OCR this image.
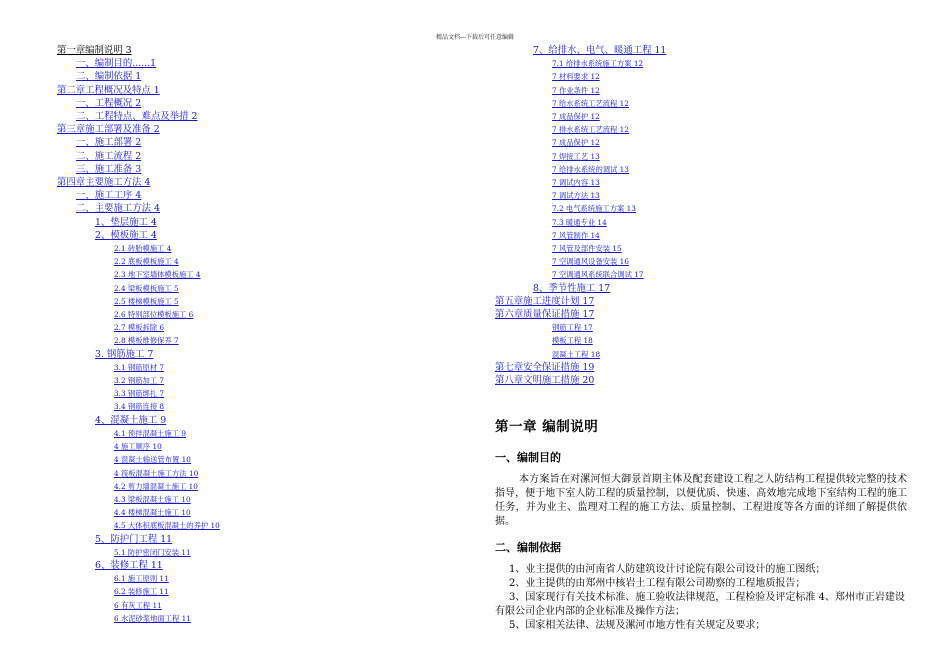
精品文档---下载后可任意编辑
第一章编制说明 3
一、编制目的......1
二、编制依据 1
第二章工程概况及特点 1
一、工程概况 2
二、工程特点、难点及举措 2
第三章施工部署及准备 2
一、施工部署 2
二、施工流程 2
三、施工准备 3
第四章主要施工方法 4
一、施工工序 4
二、主要施工方法 4
1、垫层施工 4
2、模板施工 4
2.1 砖胎模施工 4
2.2 底板模板施工 4
2.3 地下室墙体模板施工 4
2.4 梁板模板施工 5
2.5 楼梯模板施工 5
2.6 特别部位模板施工 6
2.7 模板拆除 6
2.8 模板维修保养 7
3. 钢筋施工 7
3.1 钢筋原材 7
3.2 钢筋加工 7
3.3 钢筋绑扎 7
3.4 钢筋连接 8
4、混凝土施工 9
4.1 预拌混凝土施工 9
4 施工顺序 10
4 混凝土输送管布置 10
4 筏板混凝土施工方法 10
4.2 剪力墙混凝土施工 10
4.3 梁板混凝土施工 10
4.4 楼梯混凝土施工 10
4.5 大体积底板混凝土的养护 10
5、防护门工程 11
5.1 防护密闭门安装 11
6、装修工程 11
6.1 施工原则 11
6.2 装修施工 11
6 有灰工程 11
6 水泥砂浆地面工程 11
7、给排水、电气、暖通工程 11
7.1 给排水系统施工方案 12
7 材料要求 12
7 作业条件 12
7 给水系统工艺流程 12
7 成品保护 12
7 排水系统工艺流程 12
7 成品保护 12
7 焊接工艺 13
7 给排水系统的调试 13
7 调试内容 13
7 调试方法 13
7.2 电气系统施工方案 13
7.3 暖通专业 14
7 风管制作 14
7 风管及部件安装 15
7 空调通风设备安装 16
7 空调通风系统联合调试 17
8、季节性施工 17
第五章施工进度计划 17
第六章质量保证措施 17
钢筋工程 17
模板工程 18
混凝土工程 18
第七章安全保证措施 19
第八章文明施工措施 20
第一章 编制说明
一、编制目的

本方案旨在对漯河恒大御景首期主体及配套建设工程之人防结构工程提供较完整的技术指导，便于地下室人防工程的质量控制，以便优质、快速、高效地完成地下室结构工程的施工任务，并为业主、监理对工程的施工方法、质量控制、工程进度等各方面的详细了解提供依据。

二、编制依据
1、业主提供的由河南省人防建筑设计讨论院有限公司设计的施工图纸；
2、业主提供的由郑州中核岩土工程有限公司勘察的工程地质报告；
3、国家现行有关技术标准、施工验收法律规范，工程检验及评定标准 4、郑州市正岩建设有限公司企业内部的企业标准及操作方法；
5、国家相关法律、法规及漯河市地方性有关规定及要求；
